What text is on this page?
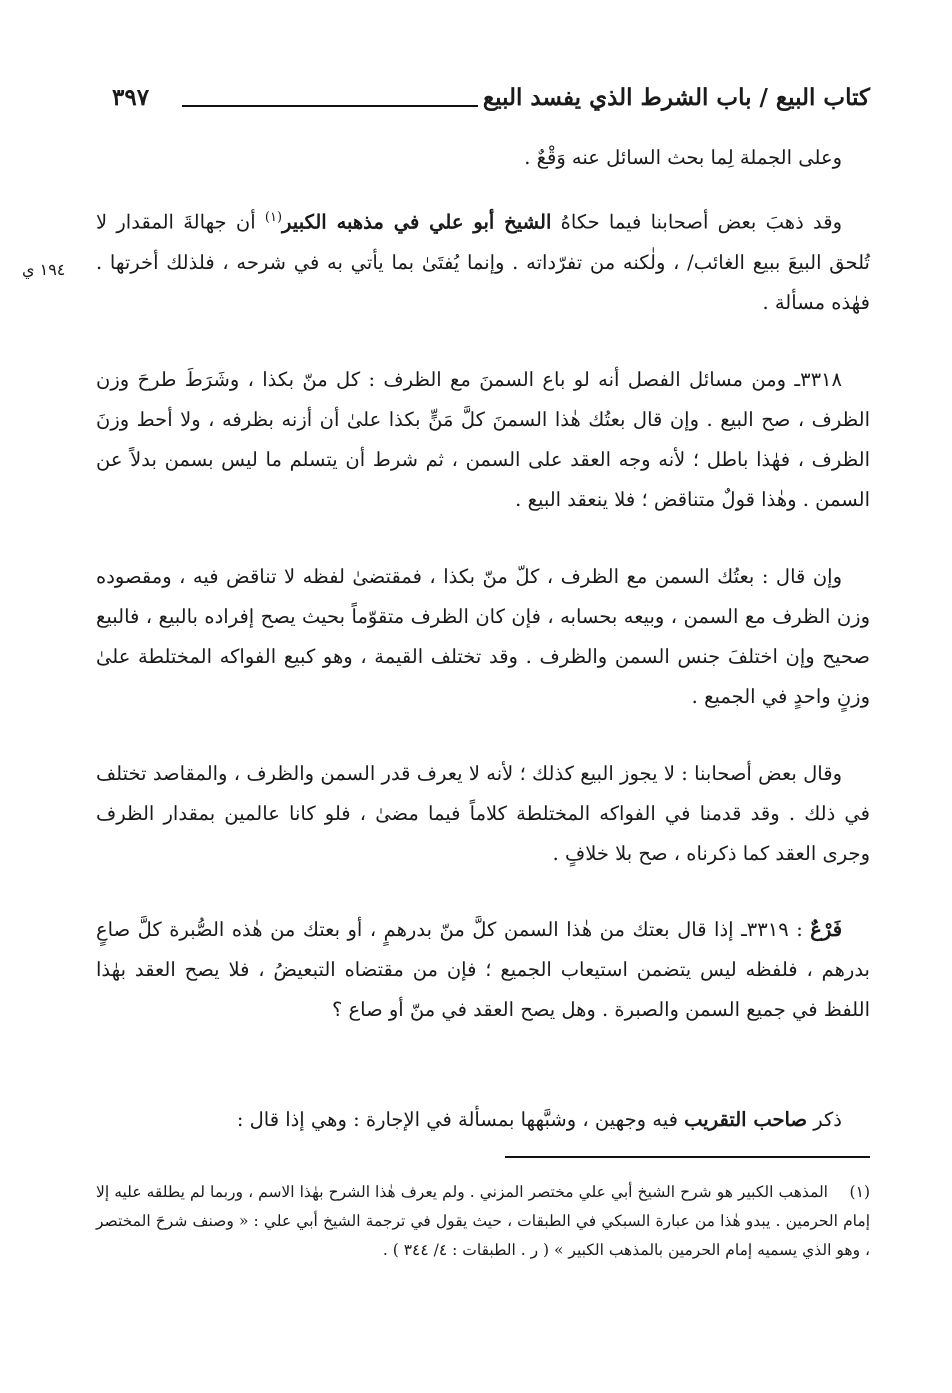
كتاب البيع / باب الشرط الذي يفسد البيع
٣٩٧
١٩٤ ي

وعلى الجملة لِما بحث السائل عنه وَقْعٌ .

وقد ذهبَ بعض أصحابنا فيما حكاهُ الشيخ أبو علي في مذهبه الكبير$^{(١)}$ أن جهالةَ المقدار لا تُلحق البيعَ ببيع الغائب/ ، ولٰكنه من تفرّداته . وإنما يُفتَىٰ بما يأتي به في شرحه ، فلذلك أخرتها . فهٰذه مسألة .

٣٣١٨ـ ومن مسائل الفصل أنه لو باع السمنَ مع الظرف : كل منّ بكذا ، وشَرَطَ طرحَ وزن الظرف ، صح البيع . وإن قال بعتُك هٰذا السمنَ كلَّ مَنٍّ بكذا علىٰ أن أزنه بظرفه ، ولا أحط وزنَ الظرف ، فهٰذا باطل ؛ لأنه وجه العقد على السمن ، ثم شرط أن يتسلم ما ليس بسمن بدلاً عن السمن . وهٰذا قولٌ متناقض ؛ فلا ينعقد البيع .

وإن قال : بعتُك السمن مع الظرف ، كلّ منّ بكذا ، فمقتضىٰ لفظه لا تناقض فيه ، ومقصوده وزن الظرف مع السمن ، وبيعه بحسابه ، فإن كان الظرف متقوّماً بحيث يصح إفراده بالبيع ، فالبيع صحيح وإن اختلفَ جنس السمن والظرف . وقد تختلف القيمة ، وهو كبيع الفواكه المختلطة علىٰ وزنٍ واحدٍ في الجميع .

وقال بعض أصحابنا : لا يجوز البيع كذلك ؛ لأنه لا يعرف قدر السمن والظرف ، والمقاصد تختلف في ذلك . وقد قدمنا في الفواكه المختلطة كلاماً فيما مضىٰ ، فلو كانا عالمين بمقدار الظرف وجرى العقد كما ذكرناه ، صح بلا خلافٍ .

فَرْعٌ : ٣٣١٩ـ إذا قال بعتك من هٰذا السمن كلَّ منّ بدرهمٍ ، أو بعتك من هٰذه الصُّبرة كلَّ صاعٍ بدرهم ، فلفظه ليس يتضمن استيعاب الجميع ؛ فإن من مقتضاه التبعيضُ ، فلا يصح العقد بهٰذا اللفظ في جميع السمن والصبرة . وهل يصح العقد في منّ أو صاع ؟

ذكر صاحب التقريب فيه وجهين ، وشبَّهها بمسألة في الإجارة : وهي إذا قال :

(١)المذهب الكبير هو شرح الشيخ أبي علي مختصر المزني . ولم يعرف هٰذا الشرح بهٰذا الاسم ، وربما لم يطلقه عليه إلا إمام الحرمين . يبدو هٰذا من عبارة السبكي في الطبقات ، حيث يقول في ترجمة الشيخ أبي علي : « وصنف شرحَ المختصر ، وهو الذي يسميه إمام الحرمين بالمذهب الكبير » ( ر . الطبقات : ٤/ ٣٤٤ ) .
